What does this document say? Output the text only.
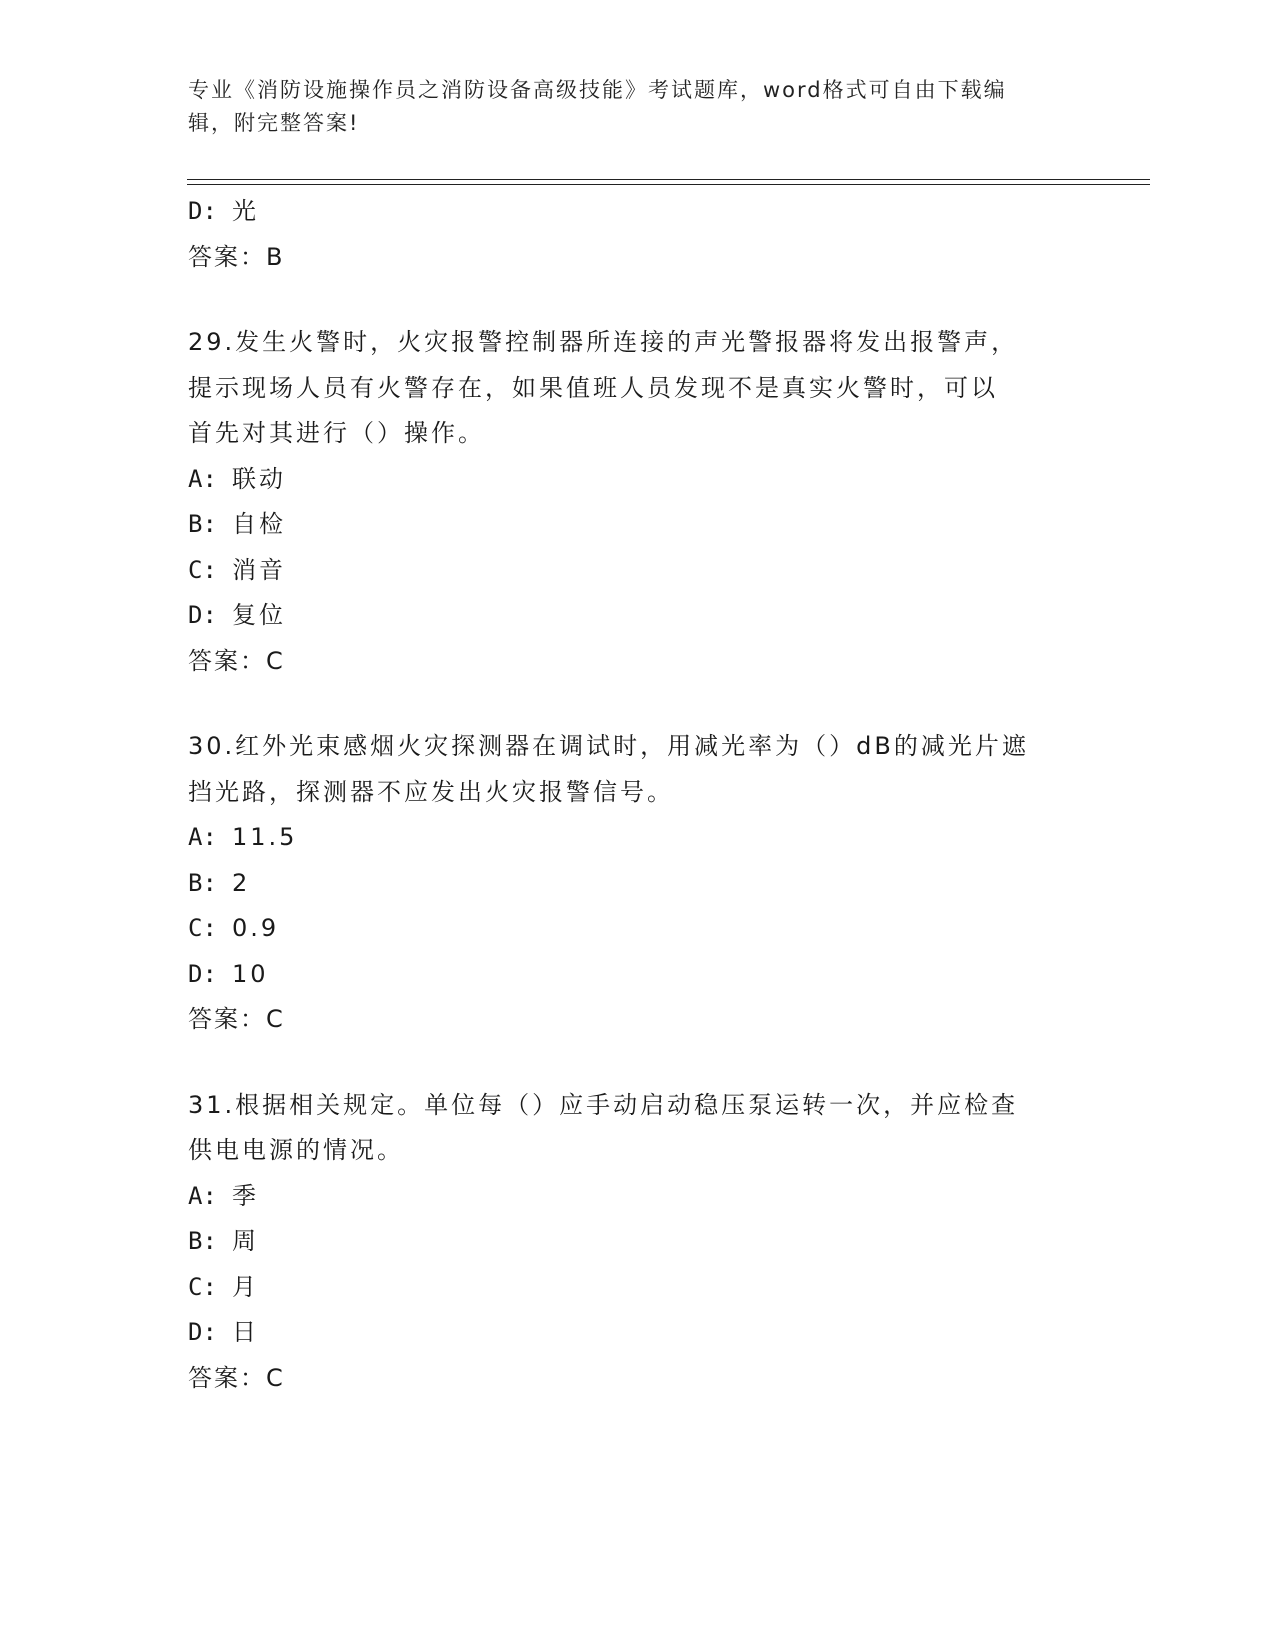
专业《消防设施操作员之消防设备高级技能》考试题库，word格式可自由下载编
辑，附完整答案!
D: 光
答案：B
29.发生火警时，火灾报警控制器所连接的声光警报器将发出报警声，
提示现场人员有火警存在，如果值班人员发现不是真实火警时，可以
首先对其进行（）操作。
A: 联动
B: 自检
C: 消音
D: 复位
答案：C
30.红外光束感烟火灾探测器在调试时，用减光率为（）dB的减光片遮
挡光路，探测器不应发出火灾报警信号。
A: 11.5
B: 2
C: 0.9
D: 10
答案：C
31.根据相关规定。单位每（）应手动启动稳压泵运转一次，并应检查
供电电源的情况。
A: 季
B: 周
C: 月
D: 日
答案：C
